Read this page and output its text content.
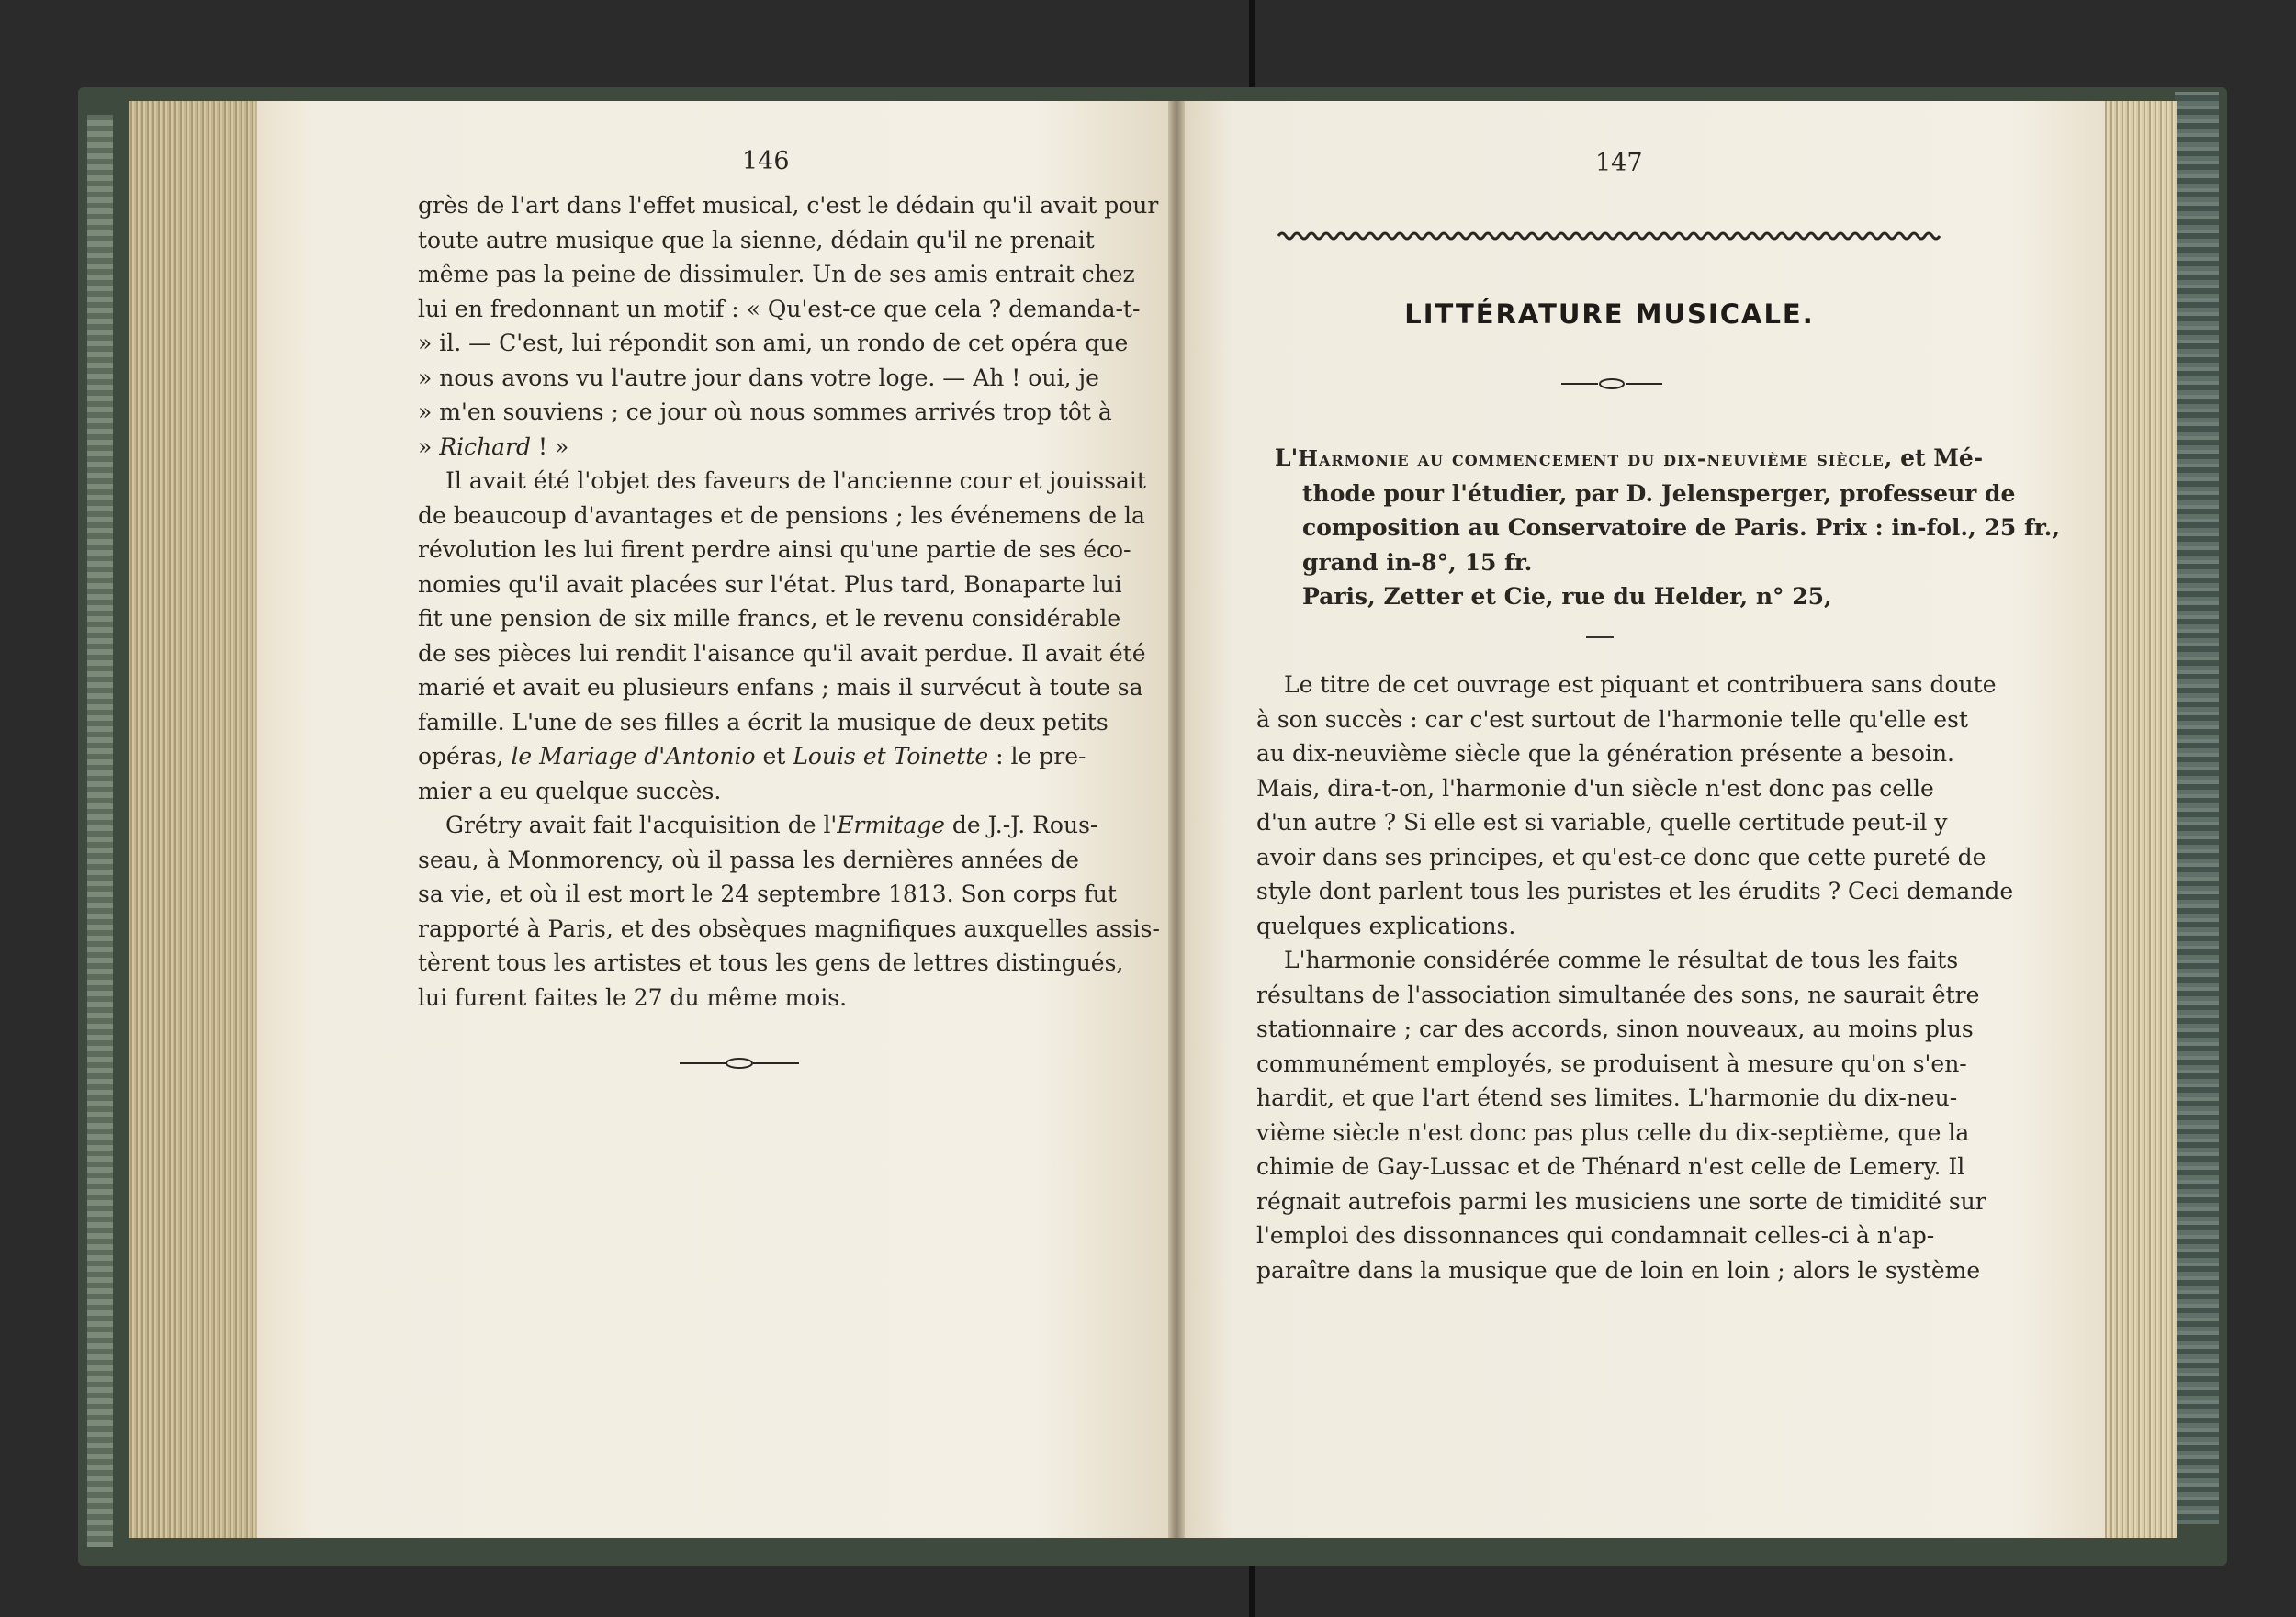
146
grès de l'art dans l'effet musical, c'est le dédain qu'il avait pour
toute autre musique que la sienne, dédain qu'il ne prenait
même pas la peine de dissimuler. Un de ses amis entrait chez
lui en fredonnant un motif : « Qu'est-ce que cela ? demanda-t-
» il. — C'est, lui répondit son ami, un rondo de cet opéra que
» nous avons vu l'autre jour dans votre loge. — Ah ! oui, je
» m'en souviens ; ce jour où nous sommes arrivés trop tôt à
» Richard ! »
Il avait été l'objet des faveurs de l'ancienne cour et jouissait
de beaucoup d'avantages et de pensions ; les événemens de la
révolution les lui firent perdre ainsi qu'une partie de ses éco-
nomies qu'il avait placées sur l'état. Plus tard, Bonaparte lui
fit une pension de six mille francs, et le revenu considérable
de ses pièces lui rendit l'aisance qu'il avait perdue. Il avait été
marié et avait eu plusieurs enfans ; mais il survécut à toute sa
famille. L'une de ses filles a écrit la musique de deux petits
opéras, le Mariage d'Antonio et Louis et Toinette : le pre-
mier a eu quelque succès.
Grétry avait fait l'acquisition de l'Ermitage de J.-J. Rous-
seau, à Monmorency, où il passa les dernières années de
sa vie, et où il est mort le 24 septembre 1813. Son corps fut
rapporté à Paris, et des obsèques magnifiques auxquelles assis-
tèrent tous les artistes et tous les gens de lettres distingués,
lui furent faites le 27 du même mois.
147
LITTÉRATURE MUSICALE.
L'Harmonie au commencement du dix-neuvième siècle, et Mé-
thode pour l'étudier, par D. Jelensperger, professeur de
composition au Conservatoire de Paris. Prix : in-fol., 25 fr.,
grand in-8°, 15 fr.
Paris, Zetter et Cie, rue du Helder, n° 25,
Le titre de cet ouvrage est piquant et contribuera sans doute
à son succès : car c'est surtout de l'harmonie telle qu'elle est
au dix-neuvième siècle que la génération présente a besoin.
Mais, dira-t-on, l'harmonie d'un siècle n'est donc pas celle
d'un autre ? Si elle est si variable, quelle certitude peut-il y
avoir dans ses principes, et qu'est-ce donc que cette pureté de
style dont parlent tous les puristes et les érudits ? Ceci demande
quelques explications.
L'harmonie considérée comme le résultat de tous les faits
résultans de l'association simultanée des sons, ne saurait être
stationnaire ; car des accords, sinon nouveaux, au moins plus
communément employés, se produisent à mesure qu'on s'en-
hardit, et que l'art étend ses limites. L'harmonie du dix-neu-
vième siècle n'est donc pas plus celle du dix-septième, que la
chimie de Gay-Lussac et de Thénard n'est celle de Lemery. Il
régnait autrefois parmi les musiciens une sorte de timidité sur
l'emploi des dissonnances qui condamnait celles-ci à n'ap-
paraître dans la musique que de loin en loin ; alors le système
